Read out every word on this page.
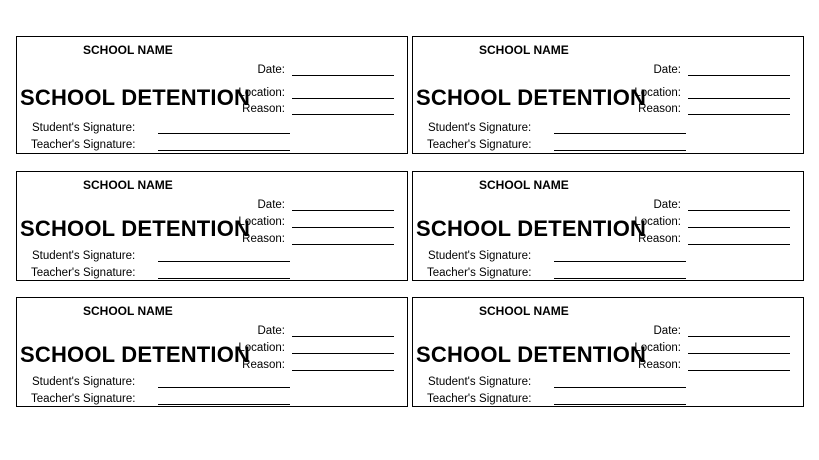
SCHOOL NAME
SCHOOL DETENTION
Date:
Location:
Reason:
Student's Signature:
Teacher's Signature:
SCHOOL NAME
SCHOOL DETENTION
Date:
Location:
Reason:
Student's Signature:
Teacher's Signature:
SCHOOL NAME
SCHOOL DETENTION
Date:
Location:
Reason:
Student's Signature:
Teacher's Signature:
SCHOOL NAME
SCHOOL DETENTION
Date:
Location:
Reason:
Student's Signature:
Teacher's Signature:
SCHOOL NAME
SCHOOL DETENTION
Date:
Location:
Reason:
Student's Signature:
Teacher's Signature:
SCHOOL NAME
SCHOOL DETENTION
Date:
Location:
Reason:
Student's Signature:
Teacher's Signature:
